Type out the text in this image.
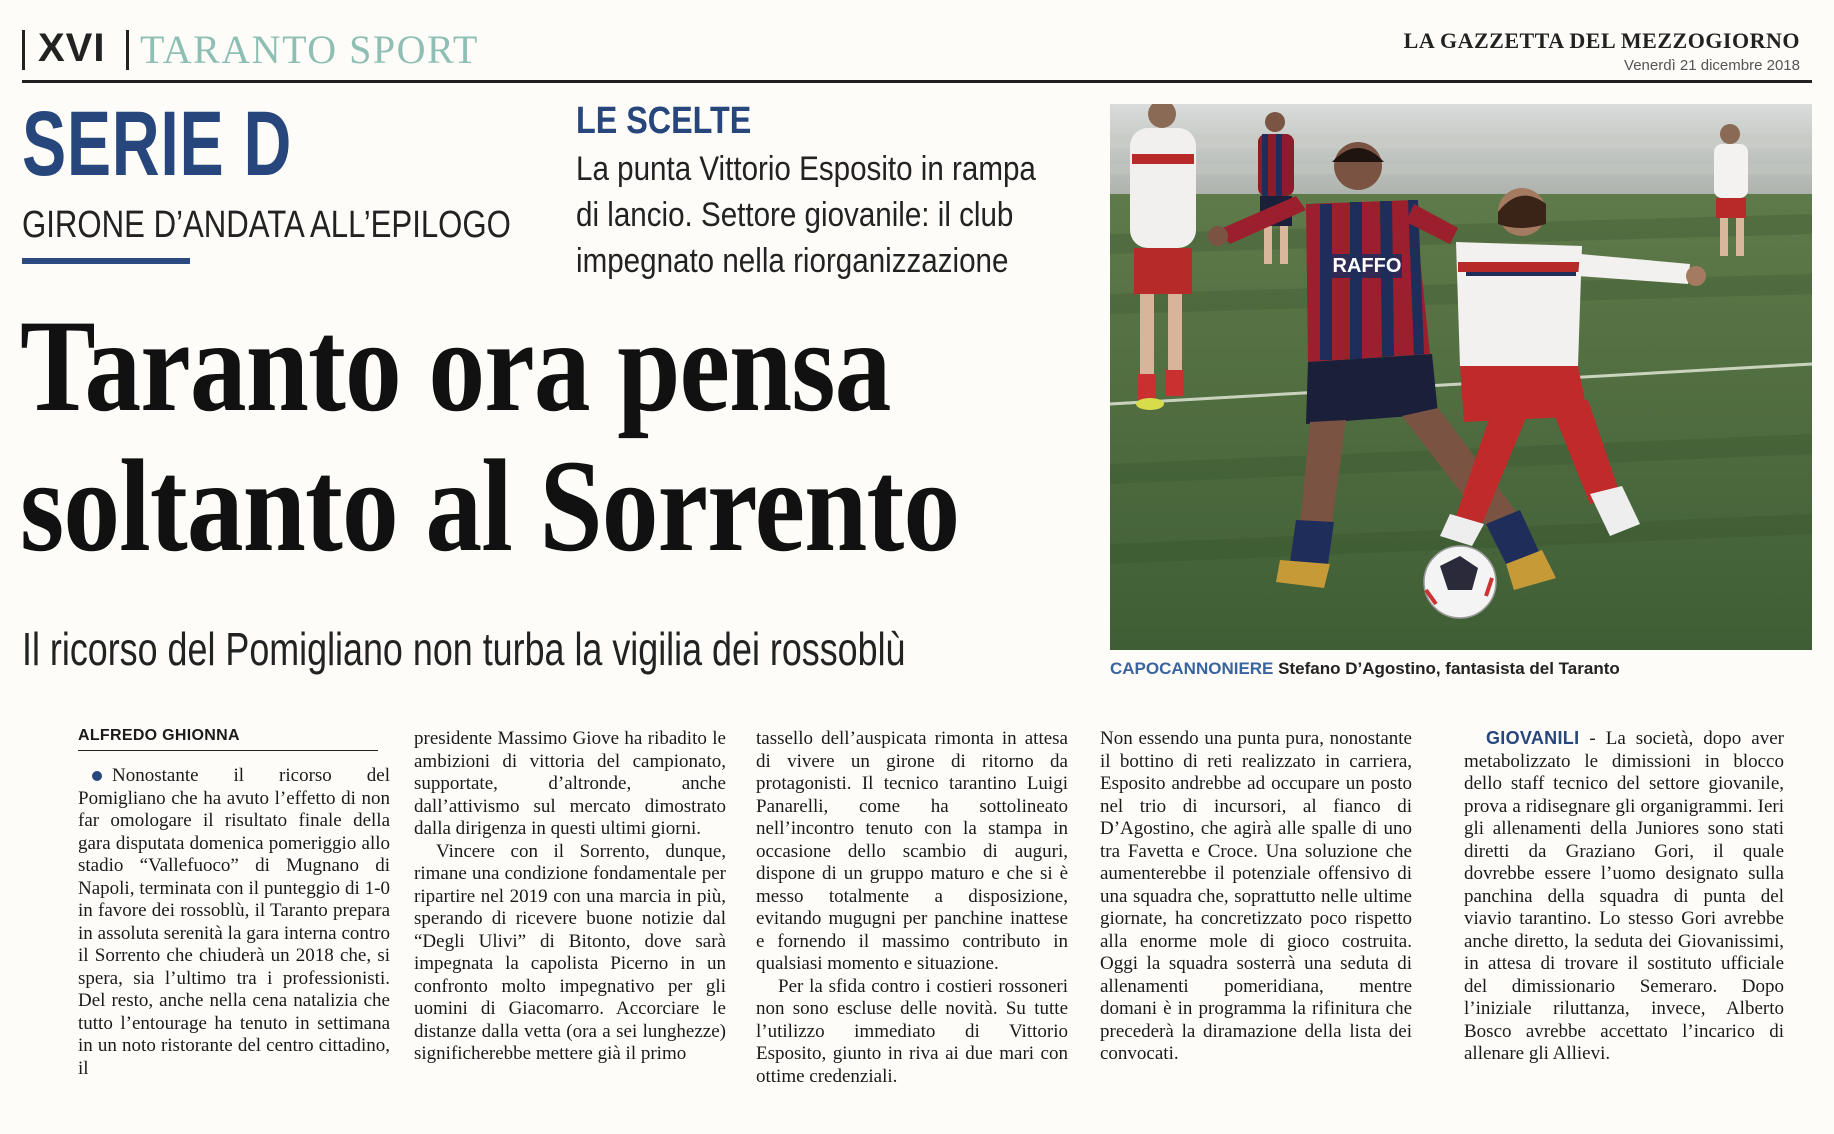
XVI TARANTO SPORT	LA GAZZETTA DEL MEZZOGIORNO
Venerdì 21 dicembre 2018
SERIE D
GIRONE D’ANDATA ALL’EPILOGO
LE SCELTE
La punta Vittorio Esposito in rampa di lancio. Settore giovanile: il club impegnato nella riorganizzazione
Taranto ora pensa
soltanto al Sorrento
Il ricorso del Pomigliano non turba la vigilia dei rossoblù
RAFFO
CAPOCANNONIERE Stefano D’Agostino, fantasista del Taranto
ALFREDO GHIONNA

Nonostante il ricorso del Pomigliano che ha avuto l’effetto di non far omologare il risultato finale della gara disputata domenica pomeriggio allo stadio “Vallefuoco” di Mugnano di Napoli, terminata con il punteggio di 1-0 in favore dei rossoblù, il Taranto prepara in assoluta serenità la gara interna contro il Sorrento che chiuderà un 2018 che, si spera, sia l’ultimo tra i professionisti. Del resto, anche nella cena natalizia che tutto l’entourage ha tenuto in settimana in un noto ristorante del centro cittadino, il

presidente Massimo Giove ha ribadito le ambizioni di vittoria del campionato, supportate, d’altronde, anche dall’attivismo sul mercato dimostrato dalla dirigenza in questi ultimi giorni.

Vincere con il Sorrento, dunque, rimane una condizione fondamentale per ripartire nel 2019 con una marcia in più, sperando di ricevere buone notizie dal “Degli Ulivi” di Bitonto, dove sarà impegnata la capolista Picerno in un confronto molto impegnativo per gli uomini di Giacomarro. Accorciare le distanze dalla vetta (ora a sei lunghezze) significherebbe mettere già il primo

tassello dell’auspicata rimonta in attesa di vivere un girone di ritorno da protagonisti. Il tecnico tarantino Luigi Panarelli, come ha sottolineato nell’incontro tenuto con la stampa in occasione dello scambio di auguri, dispone di un gruppo maturo e che si è messo totalmente a disposizione, evitando mugugni per panchine inattese e fornendo il massimo contributo in qualsiasi momento e situazione.

Per la sfida contro i costieri rossoneri non sono escluse delle novità. Su tutte l’utilizzo immediato di Vittorio Esposito, giunto in riva ai due mari con ottime credenziali.

Non essendo una punta pura, nonostante il bottino di reti realizzato in carriera, Esposito andrebbe ad occupare un posto nel trio di incursori, al fianco di D’Agostino, che agirà alle spalle di uno tra Favetta e Croce. Una soluzione che aumenterebbe il potenziale offensivo di una squadra che, soprattutto nelle ultime giornate, ha concretizzato poco rispetto alla enorme mole di gioco costruita. Oggi la squadra sosterrà una seduta di allenamenti pomeridiana, mentre domani è in programma la rifinitura che precederà la diramazione della lista dei convocati.

GIOVANILI - La società, dopo aver metabolizzato le dimissioni in blocco dello staff tecnico del settore giovanile, prova a ridisegnare gli organigrammi. Ieri gli allenamenti della Juniores sono stati diretti da Graziano Gori, il quale dovrebbe essere l’uomo designato sulla panchina della squadra di punta del viavio tarantino. Lo stesso Gori avrebbe anche diretto, la seduta dei Giovanissimi, in attesa di trovare il sostituto ufficiale del dimissionario Semeraro. Dopo l’iniziale riluttanza, invece, Alberto Bosco avrebbe accettato l’incarico di allenare gli Allievi.
